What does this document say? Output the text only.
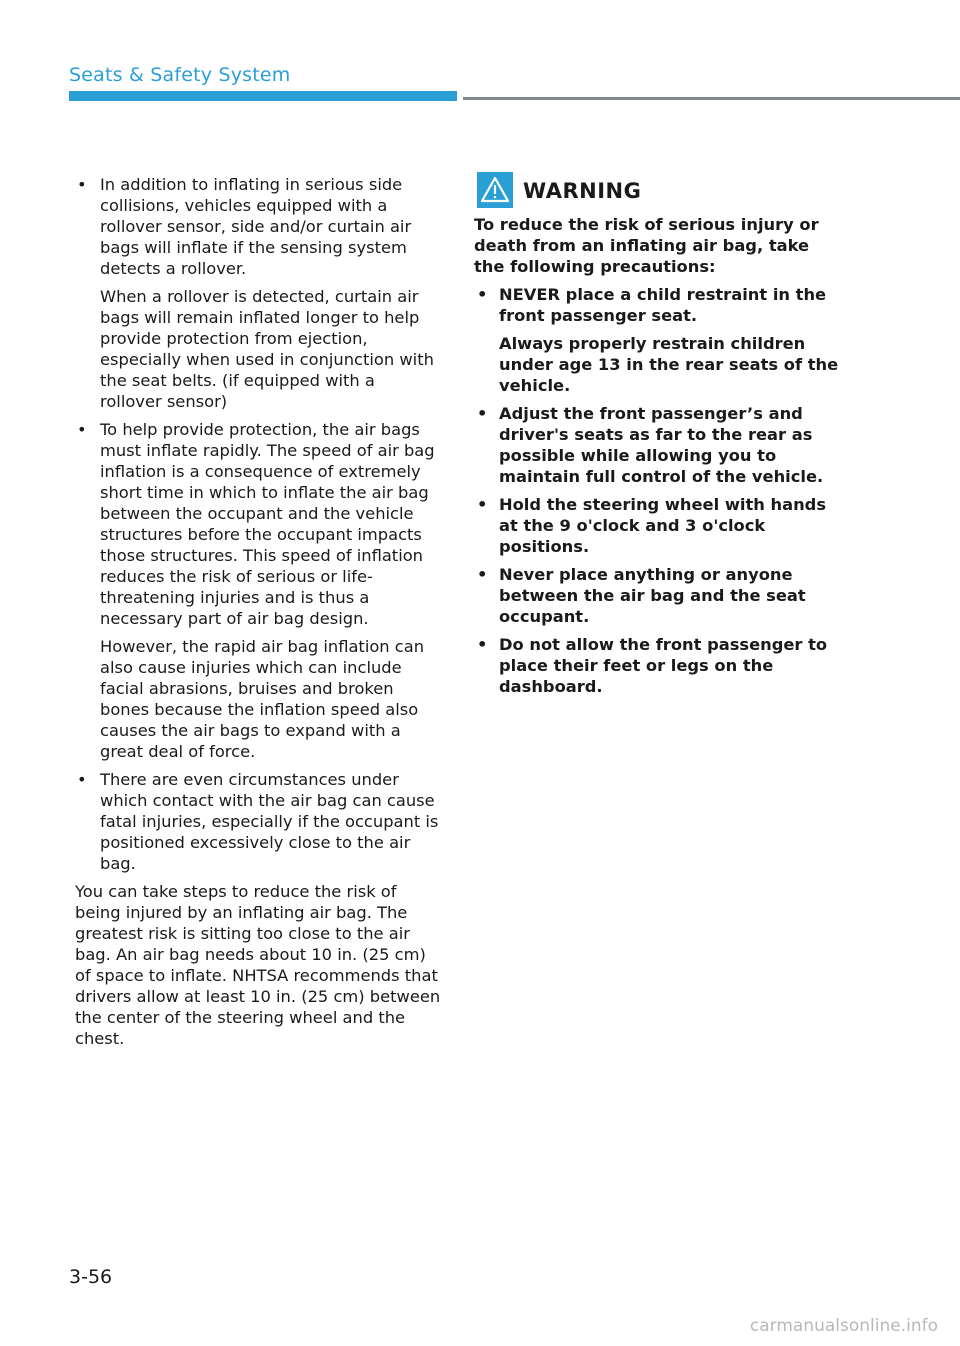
Seats & Safety System
• In addition to inflating in serious side collisions, vehicles equipped with a rollover sensor, side and/or curtain air bags will inflate if the sensing system detects a rollover.

When a rollover is detected, curtain air bags will remain inflated longer to help provide protection from ejection, especially when used in conjunction with the seat belts. (if equipped with a rollover sensor)

• To help provide protection, the air bags must inflate rapidly. The speed of air bag inflation is a consequence of extremely short time in which to inflate the air bag between the occupant and the vehicle structures before the occupant impacts those structures. This speed of inflation reduces the risk of serious or life-threatening injuries and is thus a necessary part of air bag design.

However, the rapid air bag inflation can also cause injuries which can include facial abrasions, bruises and broken bones because the inflation speed also causes the air bags to expand with a great deal of force.

• There are even circumstances under which contact with the air bag can cause fatal injuries, especially if the occupant is positioned excessively close to the air bag.

You can take steps to reduce the risk of being injured by an inflating air bag. The greatest risk is sitting too close to the air bag. An air bag needs about 10 in. (25 cm) of space to inflate. NHTSA recommends that drivers allow at least 10 in. (25 cm) between the center of the steering wheel and the chest.

WARNING

To reduce the risk of serious injury or death from an inflating air bag, take the following precautions:

• NEVER place a child restraint in the front passenger seat.

Always properly restrain children under age 13 in the rear seats of the vehicle.

• Adjust the front passenger’s and driver's seats as far to the rear as possible while allowing you to maintain full control of the vehicle.

• Hold the steering wheel with hands at the 9 o'clock and 3 o'clock positions.

• Never place anything or anyone between the air bag and the seat occupant.

• Do not allow the front passenger to place their feet or legs on the dashboard.

3-56

carmanualsonline.info
